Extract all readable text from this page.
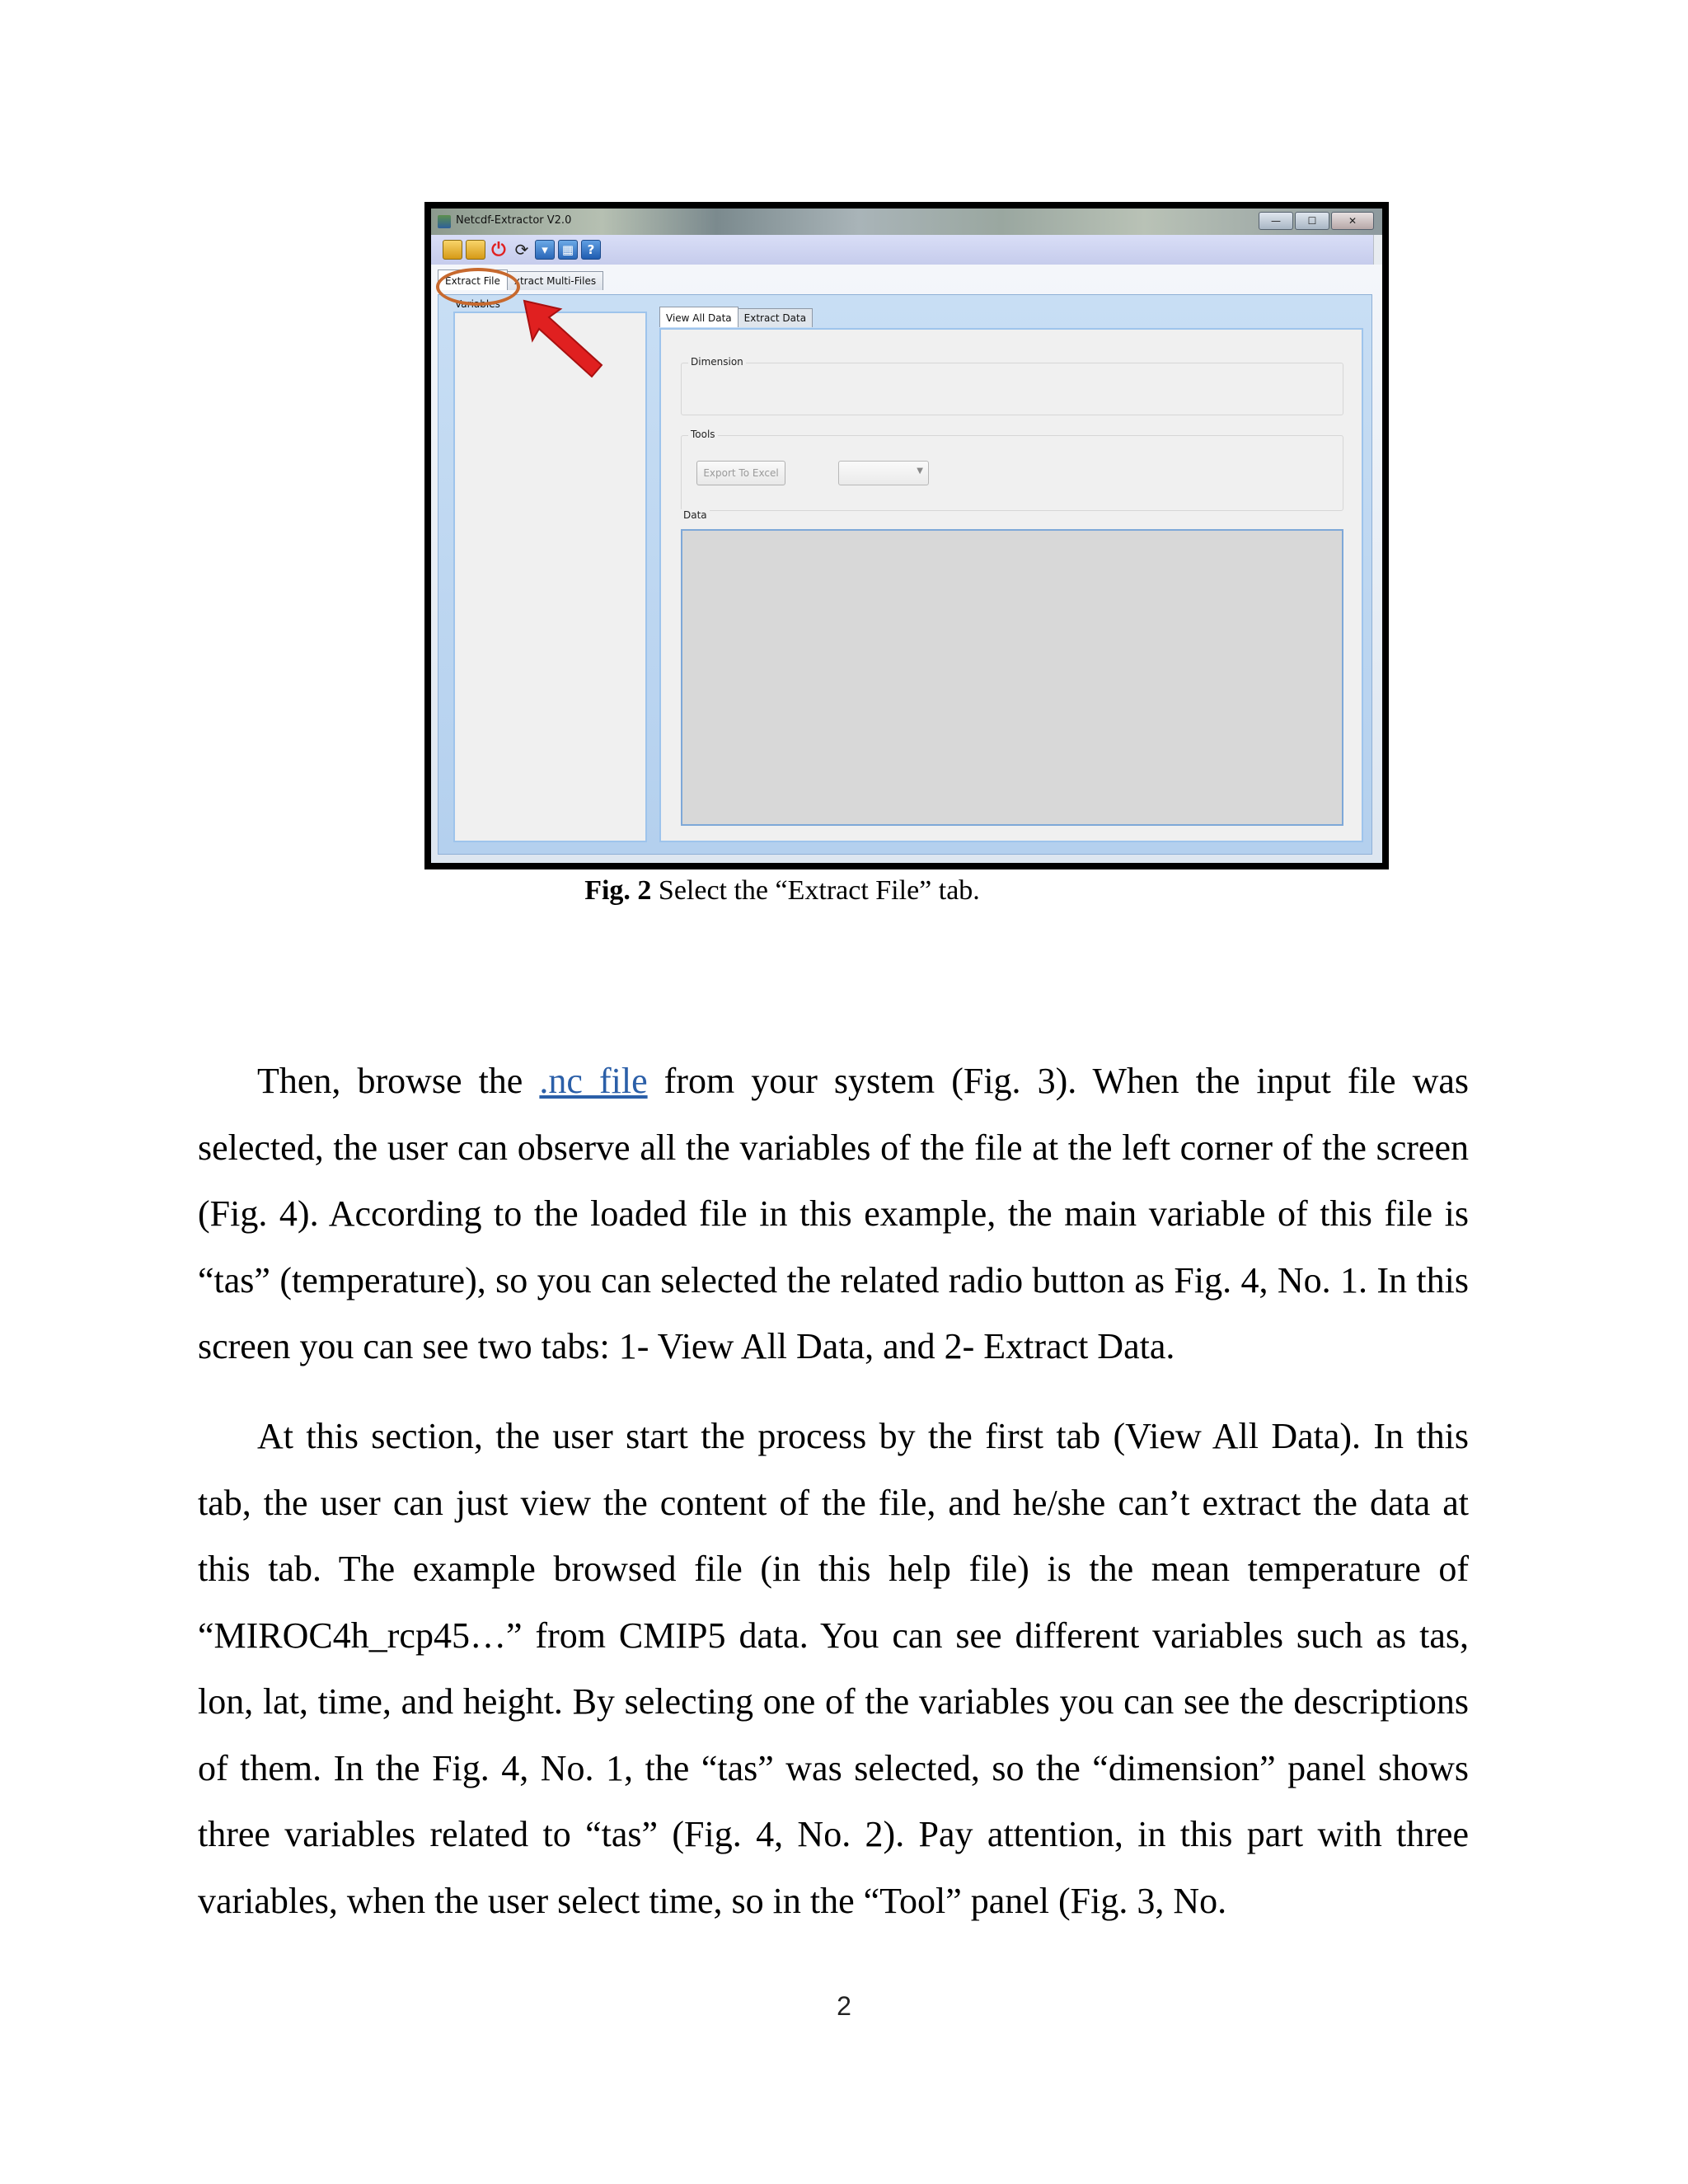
Netcdf-Extractor V2.0	—	☐	✕
⏻ ⟳	▾	▦	?
Extract File	xtract Multi-Files
Variables
View All Data	Extract Data
Dimension
Tools
Export To Excel	▼
Data
Fig. 2 Select the “Extract File” tab.

Then, browse the .nc file from your system (Fig. 3). When the input file was selected, the user can observe all the variables of the file at the left corner of the screen (Fig. 4). According to the loaded file in this example, the main variable of this file is “tas” (temperature), so you can selected the related radio button as Fig. 4, No. 1. In this screen you can see two tabs: 1- View All Data, and 2- Extract Data.

At this section, the user start the process by the first tab (View All Data). In this tab, the user can just view the content of the file, and he/she can’t extract the data at this tab. The example browsed file (in this help file) is the mean temperature of “MIROC4h_rcp45…” from CMIP5 data. You can see different variables such as tas, lon, lat, time, and height. By selecting one of the variables you can see the descriptions of them. In the Fig. 4, No. 1, the “tas” was selected, so the “dimension” panel shows three variables related to “tas” (Fig. 4, No. 2). Pay attention, in this part with three variables, when the user select time, so in the “Tool” panel (Fig. 3, No.

2
